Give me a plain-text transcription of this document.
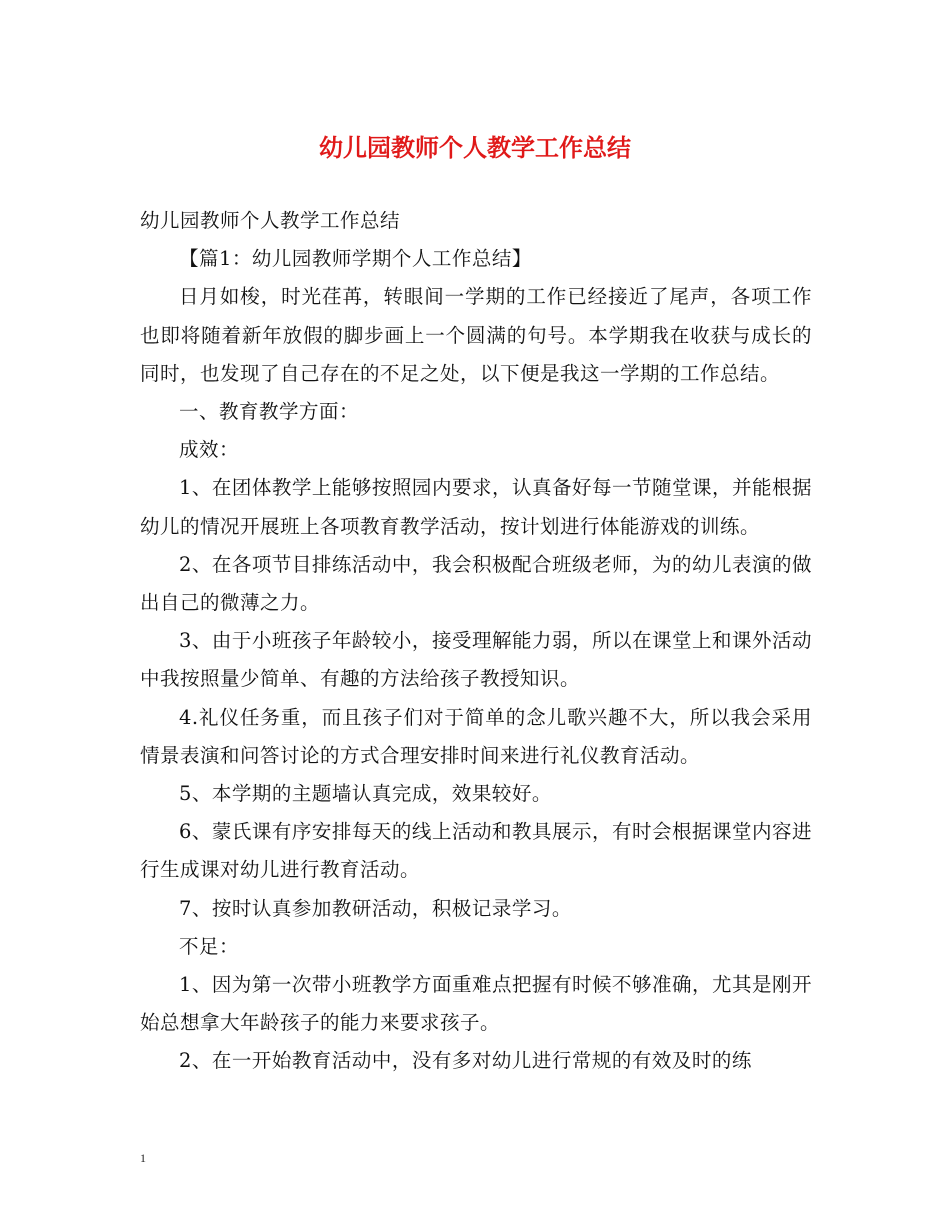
幼儿园教师个人教学工作总结

幼儿园教师个人教学工作总结

【篇1：幼儿园教师学期个人工作总结】

日月如梭，时光荏苒，转眼间一学期的工作已经接近了尾声，各项工作也即将随着新年放假的脚步画上一个圆满的句号。本学期我在收获与成长的同时，也发现了自己存在的不足之处，以下便是我这一学期的工作总结。

一、教育教学方面：

成效：

1、在团体教学上能够按照园内要求，认真备好每一节随堂课，并能根据幼儿的情况开展班上各项教育教学活动，按计划进行体能游戏的训练。

2、在各项节目排练活动中，我会积极配合班级老师，为的幼儿表演的做出自己的微薄之力。

3、由于小班孩子年龄较小，接受理解能力弱，所以在课堂上和课外活动中我按照量少简单、有趣的方法给孩子教授知识。

4.礼仪任务重，而且孩子们对于简单的念儿歌兴趣不大，所以我会采用情景表演和问答讨论的方式合理安排时间来进行礼仪教育活动。

5、本学期的主题墙认真完成，效果较好。

6、蒙氏课有序安排每天的线上活动和教具展示，有时会根据课堂内容进行生成课对幼儿进行教育活动。

7、按时认真参加教研活动，积极记录学习。

不足：

1、因为第一次带小班教学方面重难点把握有时候不够准确，尤其是刚开始总想拿大年龄孩子的能力来要求孩子。

2、在一开始教育活动中，没有多对幼儿进行常规的有效及时的练

1
